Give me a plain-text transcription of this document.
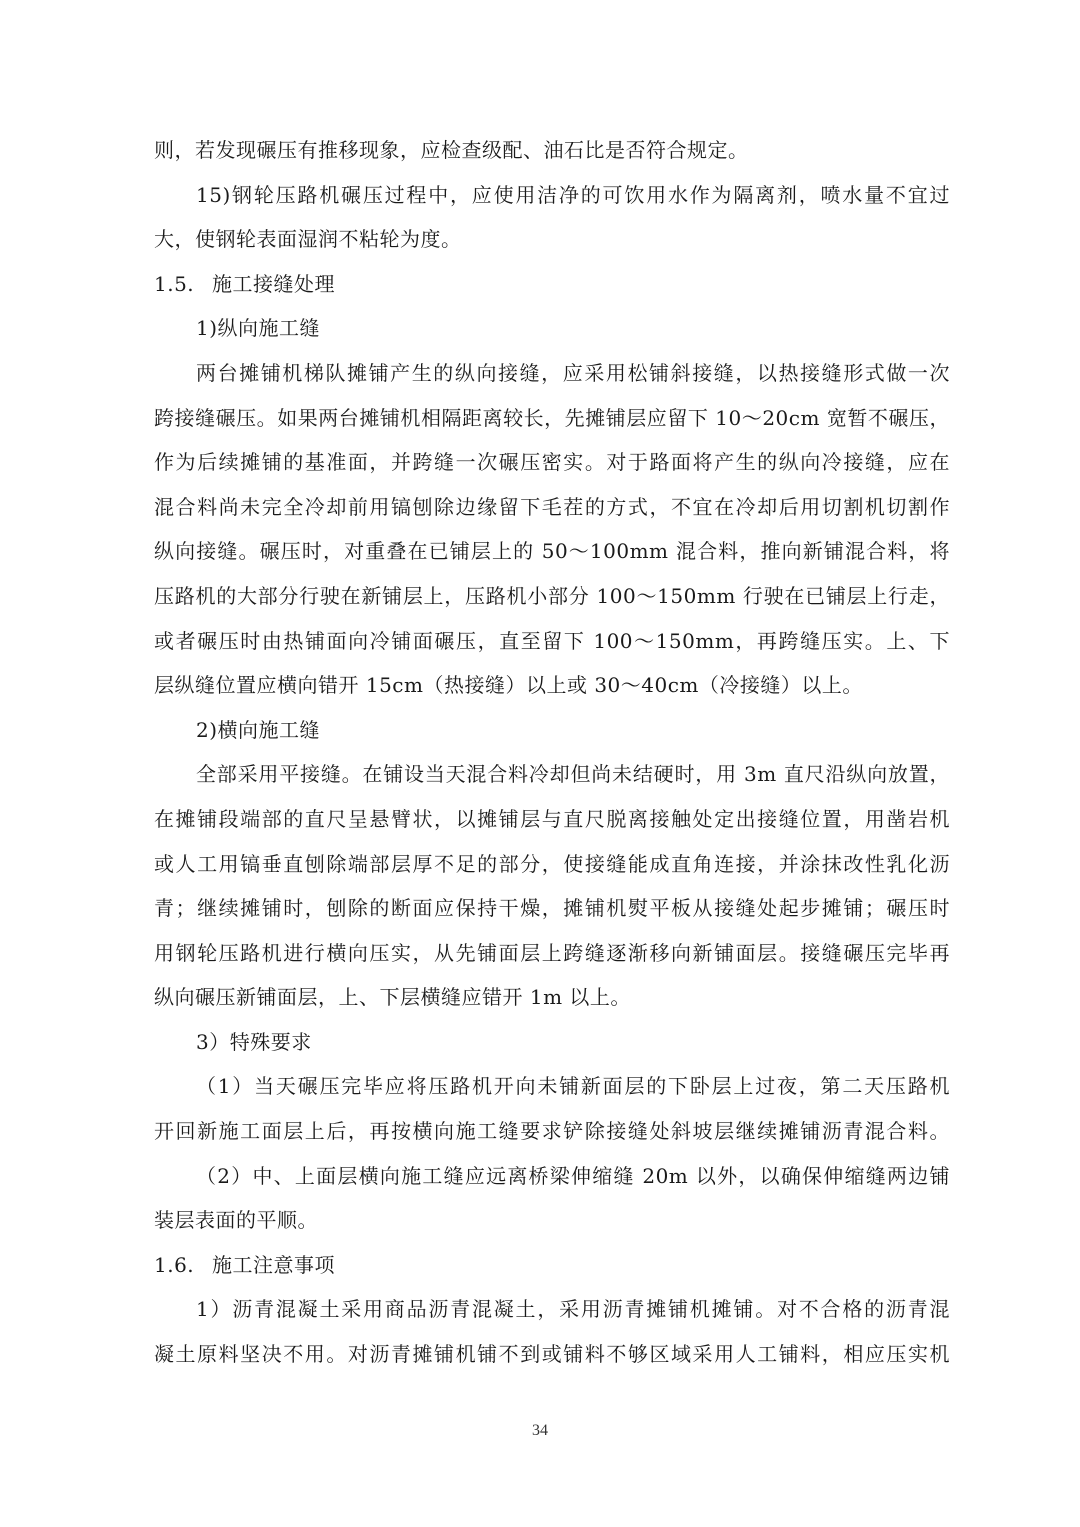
则，若发现碾压有推移现象，应检查级配、油石比是否符合规定。
15)钢轮压路机碾压过程中，应使用洁净的可饮用水作为隔离剂，喷水量不宜过
大，使钢轮表面湿润不粘轮为度。
1.5. 施工接缝处理
1)纵向施工缝
两台摊铺机梯队摊铺产生的纵向接缝，应采用松铺斜接缝，以热接缝形式做一次
跨接缝碾压。如果两台摊铺机相隔距离较长，先摊铺层应留下 10～20cm 宽暂不碾压，
作为后续摊铺的基准面，并跨缝一次碾压密实。对于路面将产生的纵向冷接缝，应在
混合料尚未完全冷却前用镐刨除边缘留下毛茬的方式，不宜在冷却后用切割机切割作
纵向接缝。碾压时，对重叠在已铺层上的 50～100mm 混合料，推向新铺混合料，将
压路机的大部分行驶在新铺层上，压路机小部分 100～150mm 行驶在已铺层上行走，
或者碾压时由热铺面向冷铺面碾压，直至留下 100～150mm，再跨缝压实。上、下
层纵缝位置应横向错开 15cm（热接缝）以上或 30～40cm（冷接缝）以上。
2)横向施工缝
全部采用平接缝。在铺设当天混合料冷却但尚未结硬时，用 3m 直尺沿纵向放置，
在摊铺段端部的直尺呈悬臂状，以摊铺层与直尺脱离接触处定出接缝位置，用凿岩机
或人工用镐垂直刨除端部层厚不足的部分，使接缝能成直角连接，并涂抹改性乳化沥
青；继续摊铺时，刨除的断面应保持干燥，摊铺机熨平板从接缝处起步摊铺；碾压时
用钢轮压路机进行横向压实，从先铺面层上跨缝逐渐移向新铺面层。接缝碾压完毕再
纵向碾压新铺面层，上、下层横缝应错开 1m 以上。
3）特殊要求
（1）当天碾压完毕应将压路机开向未铺新面层的下卧层上过夜，第二天压路机
开回新施工面层上后，再按横向施工缝要求铲除接缝处斜坡层继续摊铺沥青混合料。
（2）中、上面层横向施工缝应远离桥梁伸缩缝 20m 以外，以确保伸缩缝两边铺
装层表面的平顺。
1.6. 施工注意事项
1）沥青混凝土采用商品沥青混凝土，采用沥青摊铺机摊铺。对不合格的沥青混
凝土原料坚决不用。对沥青摊铺机铺不到或铺料不够区域采用人工铺料，相应压实机
34
